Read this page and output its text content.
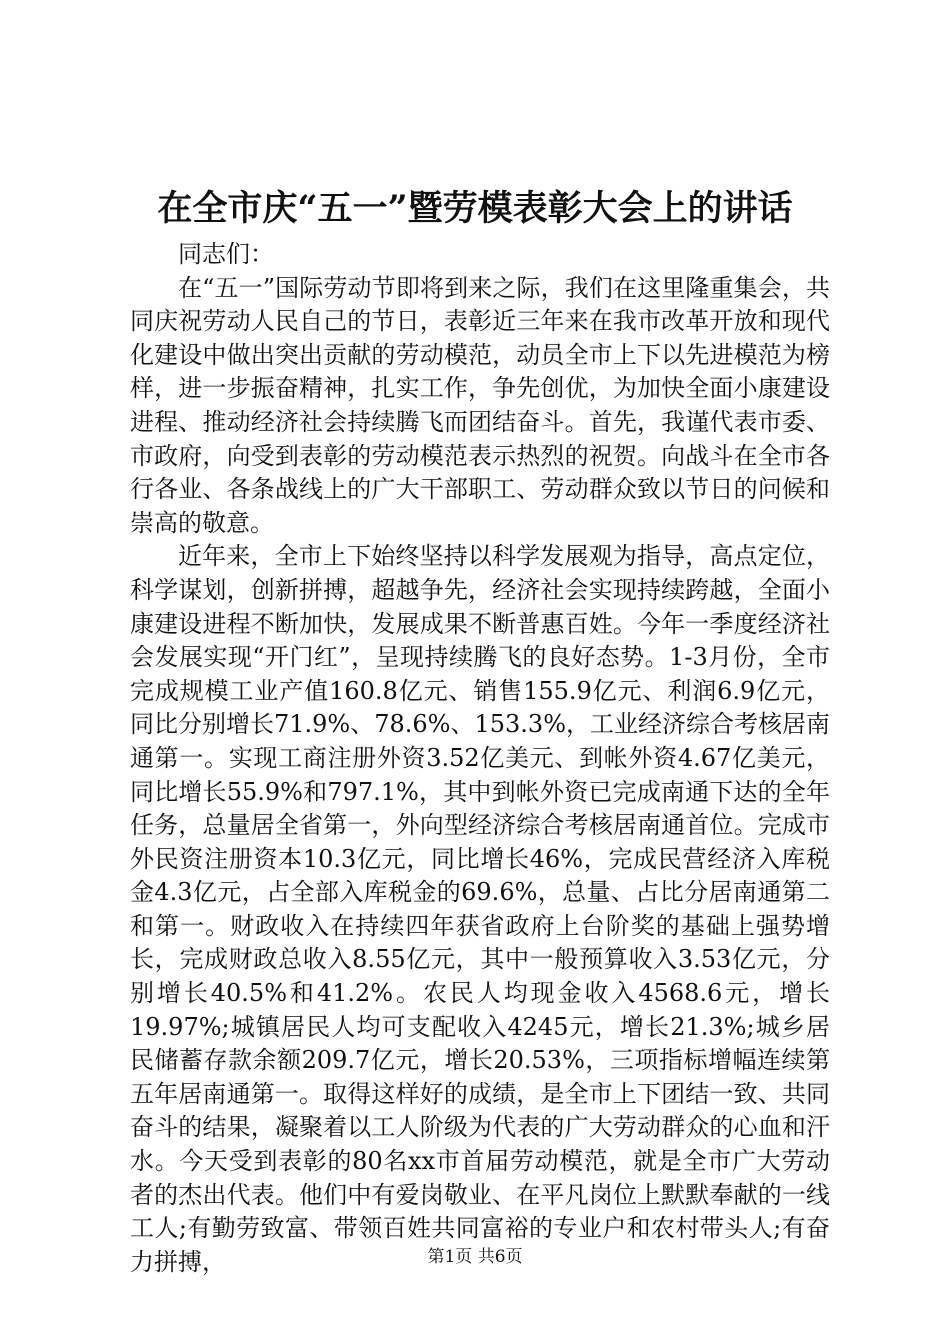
在全市庆“五一”暨劳模表彰大会上的讲话

同志们：

在“五一”国际劳动节即将到来之际，我们在这里隆重集会，共同庆祝劳动人民自己的节日，表彰近三年来在我市改革开放和现代化建设中做出突出贡献的劳动模范，动员全市上下以先进模范为榜样，进一步振奋精神，扎实工作，争先创优，为加快全面小康建设进程、推动经济社会持续腾飞而团结奋斗。首先，我谨代表市委、市政府，向受到表彰的劳动模范表示热烈的祝贺。向战斗在全市各行各业、各条战线上的广大干部职工、劳动群众致以节日的问候和崇高的敬意。

近年来，全市上下始终坚持以科学发展观为指导，高点定位，科学谋划，创新拼搏，超越争先，经济社会实现持续跨越，全面小康建设进程不断加快，发展成果不断普惠百姓。今年一季度经济社会发展实现“开门红”，呈现持续腾飞的良好态势。1-3月份，全市完成规模工业产值160.8亿元、销售155.9亿元、利润6.9亿元，同比分别增长71.9%、78.6%、153.3%，工业经济综合考核居南通第一。实现工商注册外资3.52亿美元、到帐外资4.67亿美元，同比增长55.9%和797.1%，其中到帐外资已完成南通下达的全年任务，总量居全省第一，外向型经济综合考核居南通首位。完成市外民资注册资本10.3亿元，同比增长46%，完成民营经济入库税金4.3亿元，占全部入库税金的69.6%，总量、占比分居南通第二和第一。财政收入在持续四年获省政府上台阶奖的基础上强势增长，完成财政总收入8.55亿元，其中一般预算收入3.53亿元，分别增长40.5%和41.2%。农民人均现金收入4568.6元，增长19.97%;城镇居民人均可支配收入4245元，增长21.3%;城乡居民储蓄存款余额209.7亿元，增长20.53%，三项指标增幅连续第五年居南通第一。取得这样好的成绩，是全市上下团结一致、共同奋斗的结果，凝聚着以工人阶级为代表的广大劳动群众的心血和汗水。今天受到表彰的80名xx市首届劳动模范，就是全市广大劳动者的杰出代表。他们中有爱岗敬业、在平凡岗位上默默奉献的一线工人;有勤劳致富、带领百姓共同富裕的专业户和农村带头人;有奋力拼搏，	第1页 共6页
